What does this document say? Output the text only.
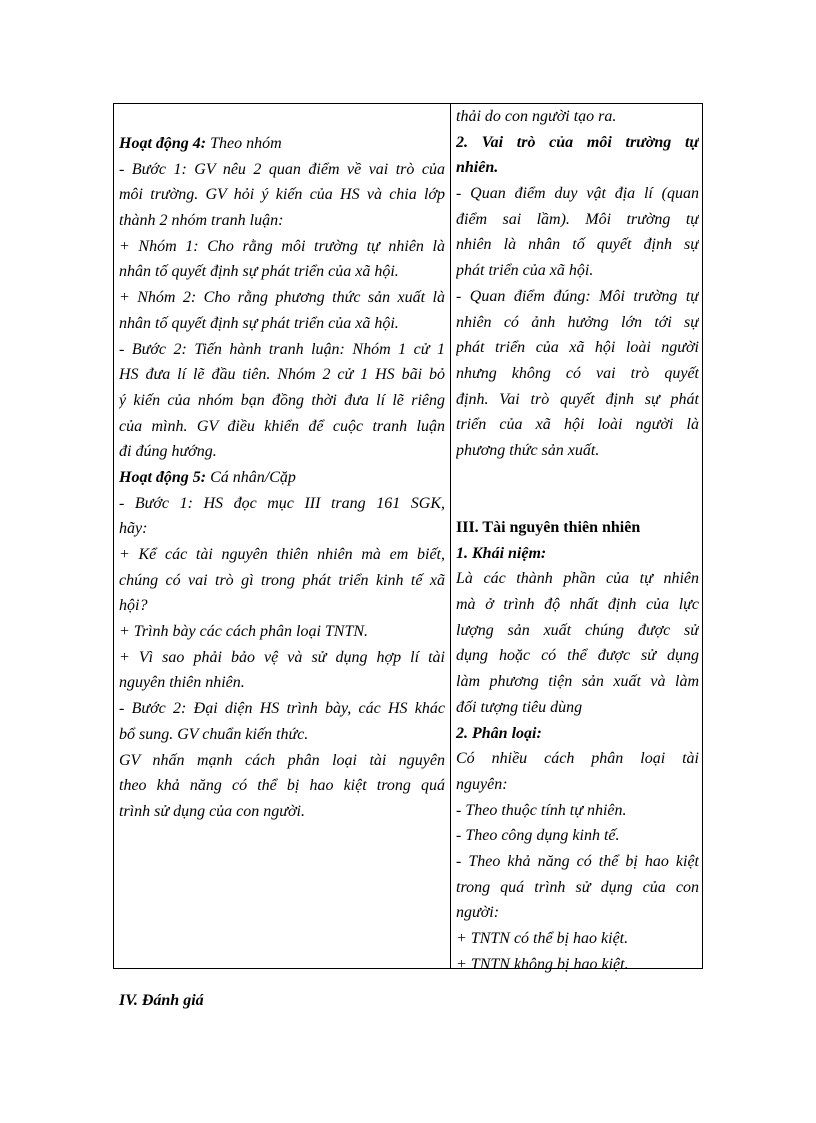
Hoạt động 4: Theo nhóm
- Bước 1: GV nêu 2 quan điểm về vai trò của
môi trường. GV hỏi ý kiến của HS và chia lớp
thành 2 nhóm tranh luận:
+ Nhóm 1: Cho rằng môi trường tự nhiên là
nhân tố quyết định sự phát triển của xã hội.
+ Nhóm 2: Cho rằng phương thức sản xuất là
nhân tố quyết định sự phát triển của xã hội.
- Bước 2: Tiến hành tranh luận: Nhóm 1 cử 1
HS đưa lí lẽ đầu tiên. Nhóm 2 cử 1 HS bãi bỏ
ý kiến của nhóm bạn đồng thời đưa lí lẽ riêng
của mình. GV điều khiển để cuộc tranh luận
đi đúng hướng.
Hoạt động 5: Cá nhân/Cặp
- Bước 1: HS đọc mục III trang 161 SGK,
hãy:
+ Kể các tài nguyên thiên nhiên mà em biết,
chúng có vai trò gì trong phát triển kinh tế xã
hội?
+ Trình bày các cách phân loại TNTN.
+ Vì sao phải bảo vệ và sử dụng hợp lí tài
nguyên thiên nhiên.
- Bước 2: Đại diện HS trình bày, các HS khác
bổ sung. GV chuẩn kiến thức.
GV nhấn mạnh cách phân loại tài nguyên
theo khả năng có thể bị hao kiệt trong quá
trình sử dụng của con người.
thải do con người tạo ra.
2. Vai trò của môi trường tự
nhiên.
- Quan điểm duy vật địa lí (quan
điểm sai lầm). Môi trường tự
nhiên là nhân tố quyết định sự
phát triển của xã hội.
- Quan điểm đúng: Môi trường tự
nhiên có ảnh hưởng lớn tới sự
phát triển của xã hội loài người
nhưng không có vai trò quyết
định. Vai trò quyết định sự phát
triển của xã hội loài người là
phương thức sản xuất.
III. Tài nguyên thiên nhiên
1. Khái niệm:
Là các thành phần của tự nhiên
mà ở trình độ nhất định của lực
lượng sản xuất chúng được sử
dụng hoặc có thể được sử dụng
làm phương tiện sản xuất và làm
đối tượng tiêu dùng
2. Phân loại:
Có nhiều cách phân loại tài
nguyên:
- Theo thuộc tính tự nhiên.
- Theo công dụng kinh tế.
- Theo khả năng có thể bị hao kiệt
trong quá trình sử dụng của con
người:
+ TNTN có thể bị hao kiệt.
+ TNTN không bị hao kiệt.
IV. Đánh giá
